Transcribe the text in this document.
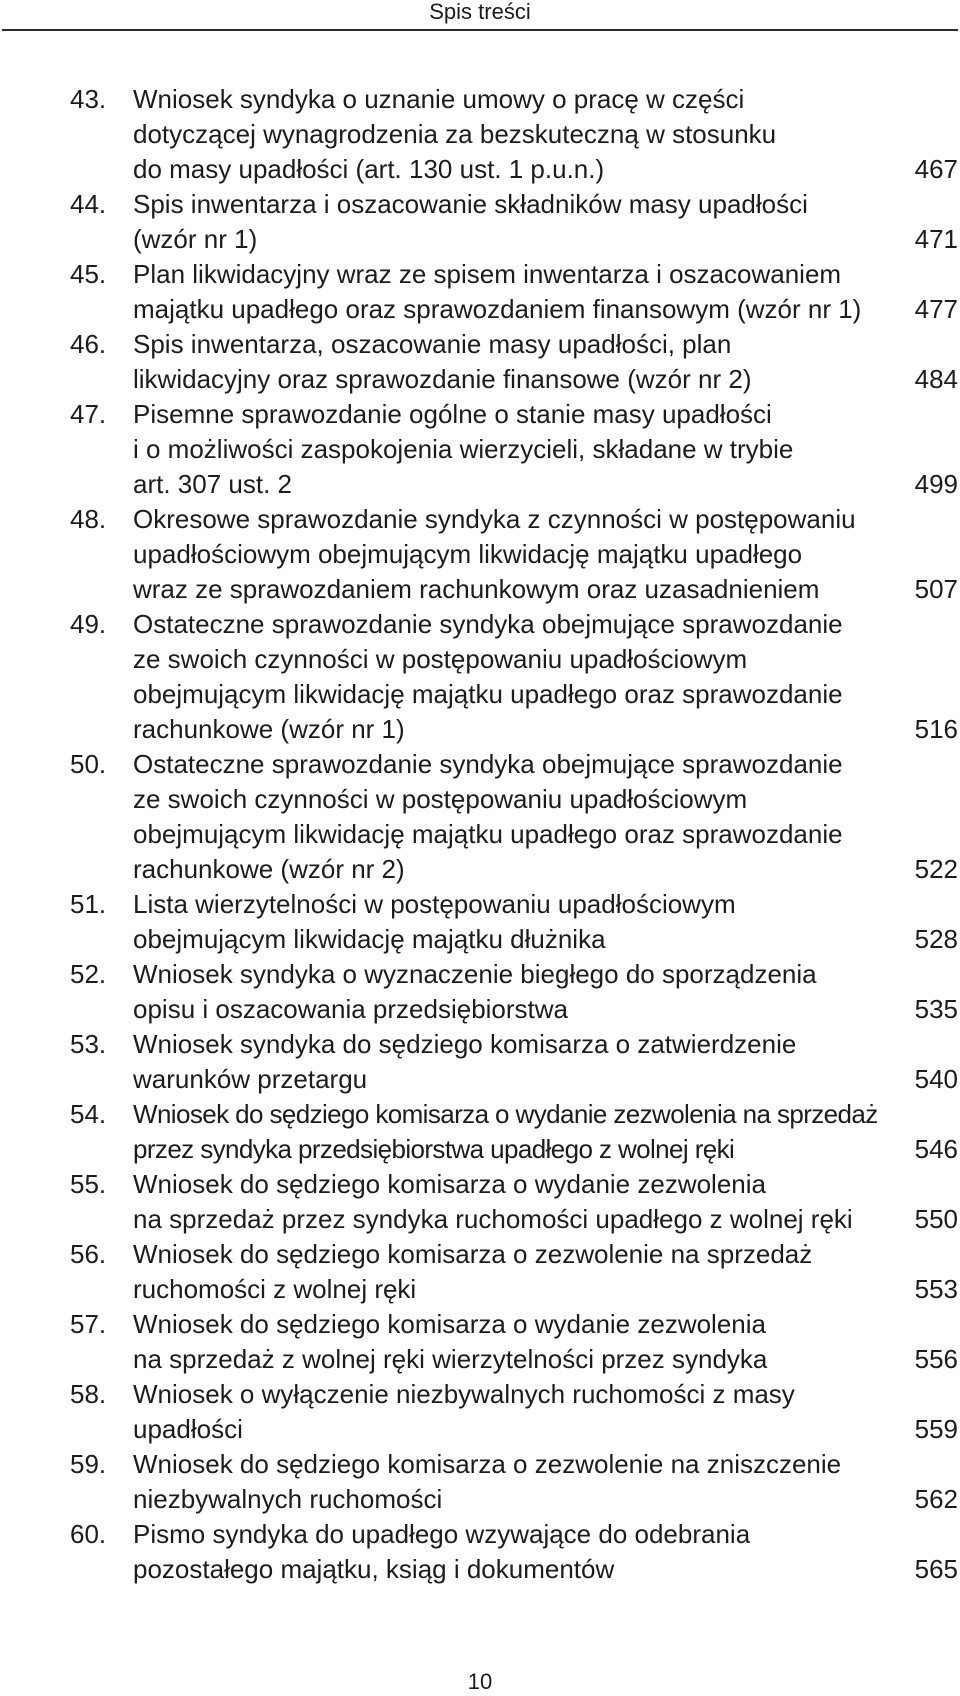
Spis treści
43.	Wniosek syndyka o uznanie umowy o pracę w części
dotyczącej wynagrodzenia za bezskuteczną w stosunku
do masy upadłości (art. 130 ust. 1 p.u.n.)	467
44.	Spis inwentarza i oszacowanie składników masy upadłości
(wzór nr 1)	471
45.	Plan likwidacyjny wraz ze spisem inwentarza i oszacowaniem
majątku upadłego oraz sprawozdaniem finansowym (wzór nr 1)	477
46.	Spis inwentarza, oszacowanie masy upadłości, plan
likwidacyjny oraz sprawozdanie finansowe (wzór nr 2)	484
47.	Pisemne sprawozdanie ogólne o stanie masy upadłości
i o możliwości zaspokojenia wierzycieli, składane w trybie
art. 307 ust. 2	499
48.	Okresowe sprawozdanie syndyka z czynności w postępowaniu
upadłościowym obejmującym likwidację majątku upadłego
wraz ze sprawozdaniem rachunkowym oraz uzasadnieniem	507
49.	Ostateczne sprawozdanie syndyka obejmujące sprawozdanie
ze swoich czynności w postępowaniu upadłościowym
obejmującym likwidację majątku upadłego oraz sprawozdanie
rachunkowe (wzór nr 1)	516
50.	Ostateczne sprawozdanie syndyka obejmujące sprawozdanie
ze swoich czynności w postępowaniu upadłościowym
obejmującym likwidację majątku upadłego oraz sprawozdanie
rachunkowe (wzór nr 2)	522
51.	Lista wierzytelności w postępowaniu upadłościowym
obejmującym likwidację majątku dłużnika	528
52.	Wniosek syndyka o wyznaczenie biegłego do sporządzenia
opisu i oszacowania przedsiębiorstwa	535
53.	Wniosek syndyka do sędziego komisarza o zatwierdzenie
warunków przetargu	540
54.	Wniosek do sędziego komisarza o wydanie zezwolenia na sprzedaż
przez syndyka przedsiębiorstwa upadłego z wolnej ręki	546
55.	Wniosek do sędziego komisarza o wydanie zezwolenia
na sprzedaż przez syndyka ruchomości upadłego z wolnej ręki	550
56.	Wniosek do sędziego komisarza o zezwolenie na sprzedaż
ruchomości z wolnej ręki	553
57.	Wniosek do sędziego komisarza o wydanie zezwolenia
na sprzedaż z wolnej ręki wierzytelności przez syndyka	556
58.	Wniosek o wyłączenie niezbywalnych ruchomości z masy
upadłości	559
59.	Wniosek do sędziego komisarza o zezwolenie na zniszczenie
niezbywalnych ruchomości	562
60.	Pismo syndyka do upadłego wzywające do odebrania
pozostałego majątku, ksiąg i dokumentów	565
10
